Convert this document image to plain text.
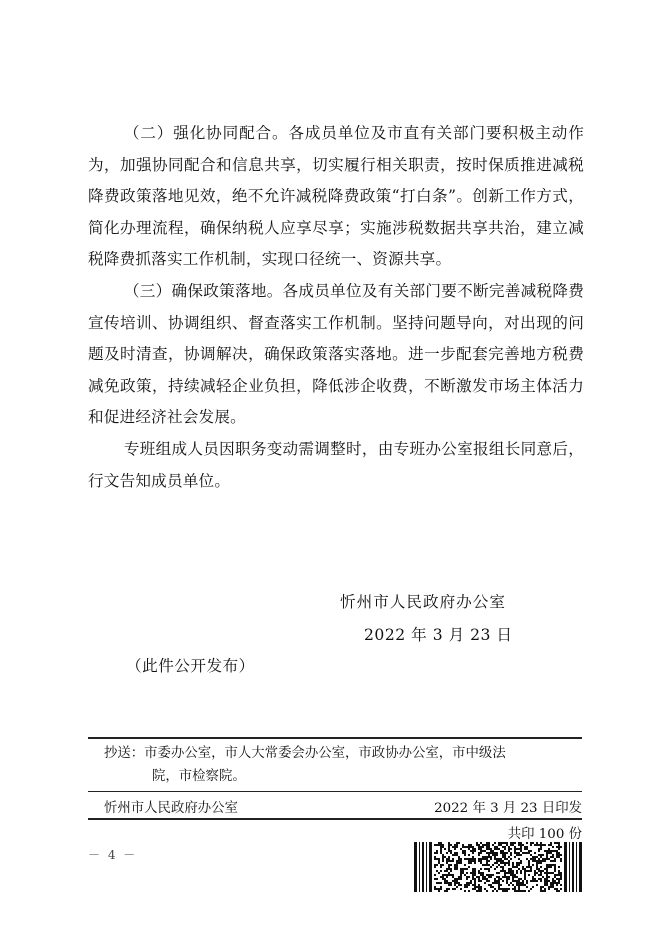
（二）强化协同配合。各成员单位及市直有关部门要积极主动作为，加强协同配合和信息共享，切实履行相关职责，按时保质推进减税降费政策落地见效，绝不允许减税降费政策“打白条”。创新工作方式，简化办理流程，确保纳税人应享尽享；实施涉税数据共享共治，建立减税降费抓落实工作机制，实现口径统一、资源共享。

（三）确保政策落地。各成员单位及有关部门要不断完善减税降费宣传培训、协调组织、督查落实工作机制。坚持问题导向，对出现的问题及时清查，协调解决，确保政策落实落地。进一步配套完善地方税费减免政策，持续减轻企业负担，降低涉企收费，不断激发市场主体活力和促进经济社会发展。

专班组成人员因职务变动需调整时，由专班办公室报组长同意后，行文告知成员单位。

忻州市人民政府办公室
2022 年 3 月 23 日
（此件公开发布）
抄送：市委办公室，市人大常委会办公室，市政协办公室，市中级法
院，市检察院。
忻州市人民政府办公室	2022 年 3 月 23 日印发
共印 100 份
－ 4 －
